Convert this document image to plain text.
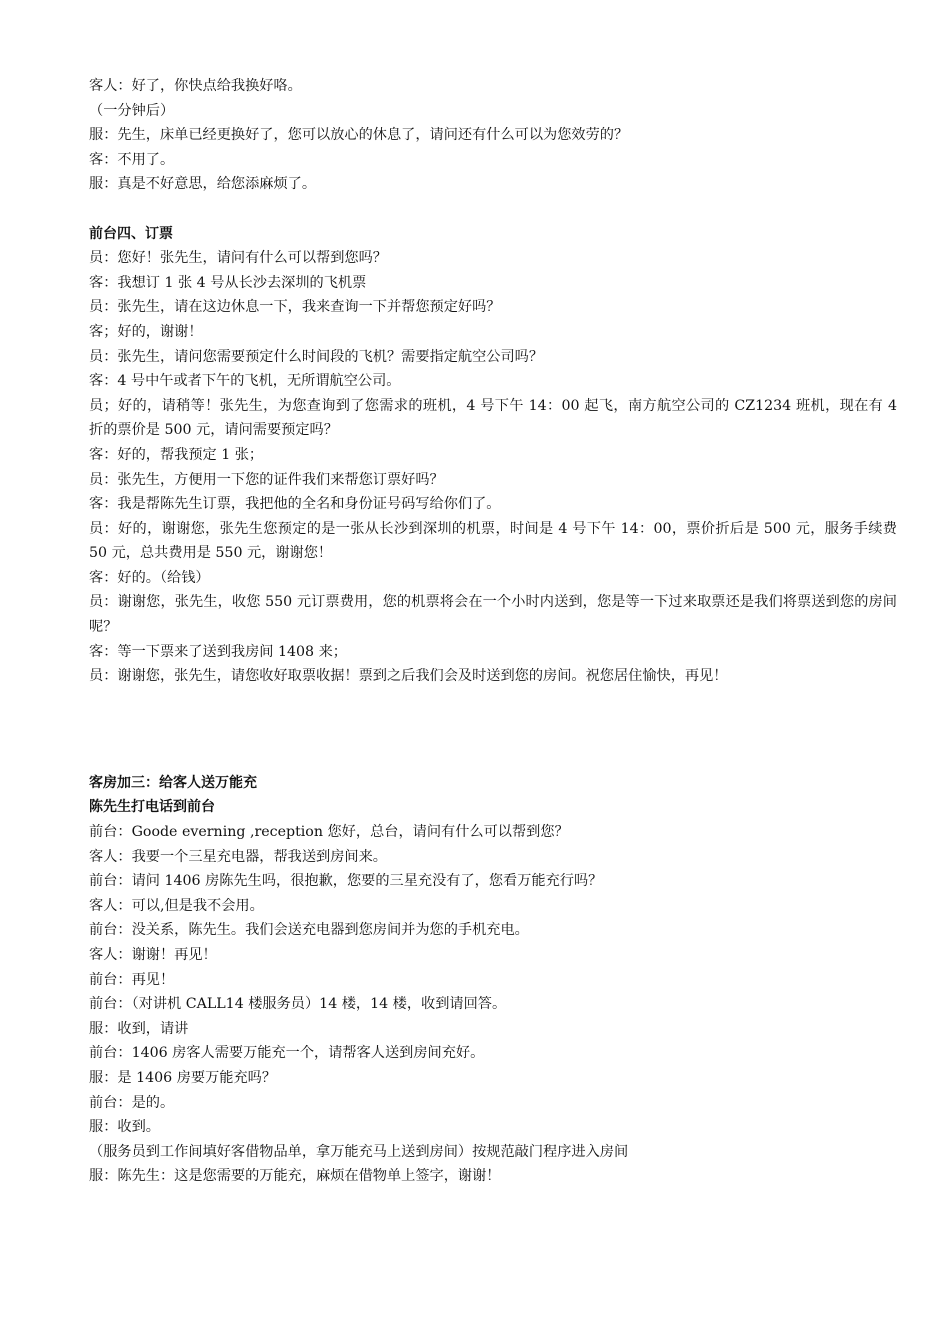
客人：好了，你快点给我换好咯。
（一分钟后）
服：先生，床单已经更换好了，您可以放心的休息了，请问还有什么可以为您效劳的？
客：不用了。
服：真是不好意思，给您添麻烦了。
前台四、订票
员：您好！张先生，请问有什么可以帮到您吗？
客：我想订 1 张 4 号从长沙去深圳的飞机票
员：张先生，请在这边休息一下，我来查询一下并帮您预定好吗？
客；好的，谢谢！
员：张先生，请问您需要预定什么时间段的飞机？需要指定航空公司吗？
客：4 号中午或者下午的飞机，无所谓航空公司。
员；好的，请稍等！张先生，为您查询到了您需求的班机，4 号下午 14：00 起飞，南方航空公司的 CZ1234 班机，现在有 4 折的票价是 500 元，请问需要预定吗？
客：好的，帮我预定 1 张；
员：张先生，方便用一下您的证件我们来帮您订票好吗？
客：我是帮陈先生订票，我把他的全名和身份证号码写给你们了。
员：好的，谢谢您，张先生您预定的是一张从长沙到深圳的机票，时间是 4 号下午 14：00，票价折后是 500 元，服务手续费 50 元，总共费用是 550 元，谢谢您！
客：好的。（给钱）
员：谢谢您，张先生，收您 550 元订票费用，您的机票将会在一个小时内送到，您是等一下过来取票还是我们将票送到您的房间呢？
客：等一下票来了送到我房间 1408 来；
员：谢谢您，张先生，请您收好取票收据！票到之后我们会及时送到您的房间。祝您居住愉快，再见！
客房加三：给客人送万能充
陈先生打电话到前台
前台：Goode everning ,reception 您好，总台，请问有什么可以帮到您？
客人：我要一个三星充电器，帮我送到房间来。
前台：请问 1406 房陈先生吗，很抱歉，您要的三星充没有了，您看万能充行吗？
客人：可以,但是我不会用。
前台：没关系，陈先生。我们会送充电器到您房间并为您的手机充电。
客人：谢谢！再见！
前台：再见！
前台：（对讲机 CALL14 楼服务员）14 楼，14 楼，收到请回答。
服：收到，请讲
前台：1406 房客人需要万能充一个，请帮客人送到房间充好。
服：是 1406 房要万能充吗？
前台：是的。
服：收到。
（服务员到工作间填好客借物品单，拿万能充马上送到房间）按规范敲门程序进入房间
服：陈先生：这是您需要的万能充，麻烦在借物单上签字，谢谢！
